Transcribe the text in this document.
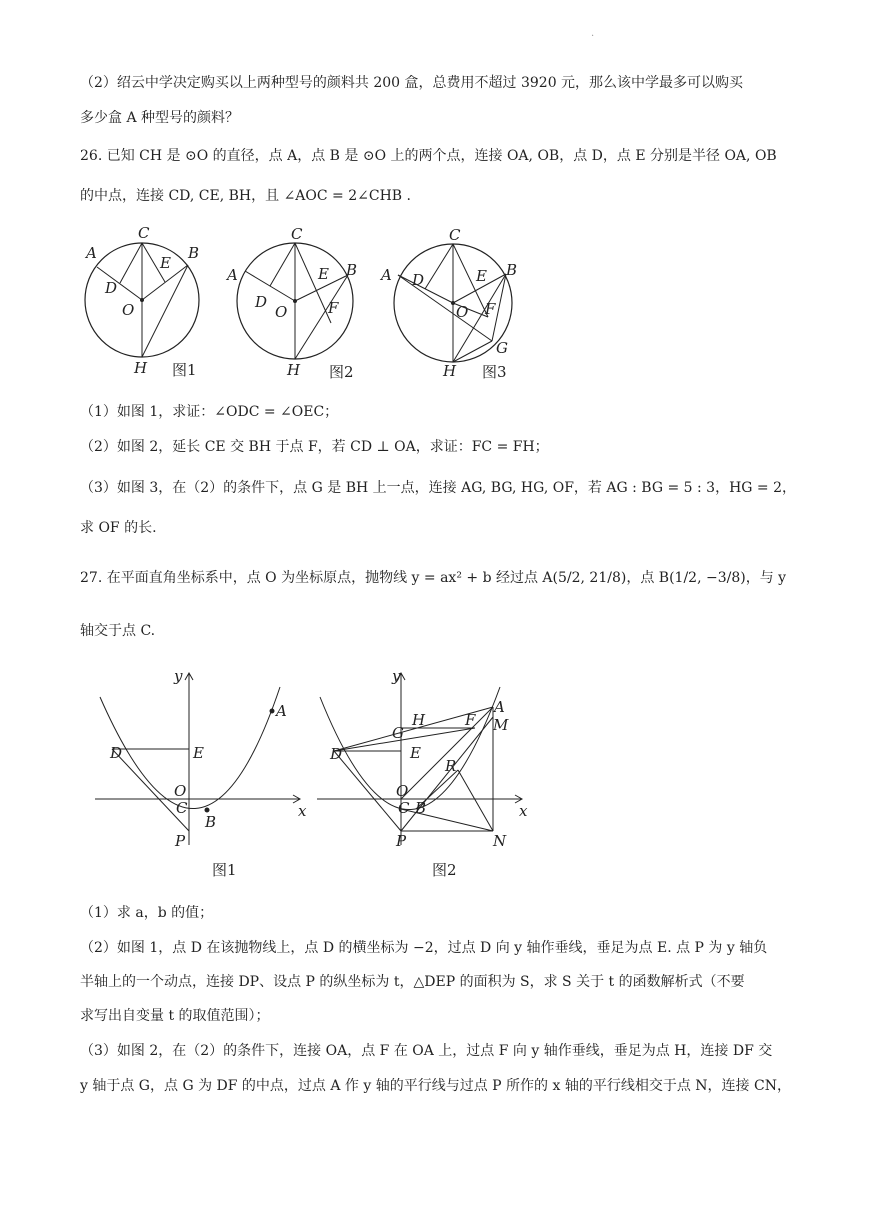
.
（2）绍云中学决定购买以上两种型号的颜料共 200 盒，总费用不超过 3920 元，那么该中学最多可以购买
多少盒 A 种型号的颜料？
26. 已知 CH 是 ⊙O 的直径，点 A，点 B 是 ⊙O 上的两个点，连接 OA, OB，点 D，点 E 分别是半径 OA, OB
的中点，连接 CD, CE, BH，且 ∠AOC = 2∠CHB .
C
A	B
E
D
O
H 图1
C
A	B
E
F
D
O
H 图2
C
A	B
E
F
D
O
G
H 图3
（1）如图 1，求证：∠ODC = ∠OEC；
（2）如图 2，延长 CE 交 BH 于点 F，若 CD ⊥ OA，求证：FC = FH；
（3）如图 3，在（2）的条件下，点 G 是 BH 上一点，连接 AG, BG, HG, OF，若 AG : BG = 5 : 3，HG = 2，
求 OF 的长.
27. 在平面直角坐标系中，点 O 为坐标原点，抛物线 y = ax² + b 经过点 A(5/2, 21/8)，点 B(1/2, −3/8)，与 y
轴交于点 C.
y
x
A
D	E
O
C
B
P
图1
y
x
A
M
H	F
G
D	E
R
O
C B
P	N
图2
（1）求 a，b 的值；
（2）如图 1，点 D 在该抛物线上，点 D 的横坐标为 −2，过点 D 向 y 轴作垂线，垂足为点 E. 点 P 为 y 轴负
半轴上的一个动点，连接 DP、设点 P 的纵坐标为 t，△DEP 的面积为 S，求 S 关于 t 的函数解析式（不要
求写出自变量 t 的取值范围）；
（3）如图 2，在（2）的条件下，连接 OA，点 F 在 OA 上，过点 F 向 y 轴作垂线，垂足为点 H，连接 DF 交
y 轴于点 G，点 G 为 DF 的中点，过点 A 作 y 轴的平行线与过点 P 所作的 x 轴的平行线相交于点 N，连接 CN，
